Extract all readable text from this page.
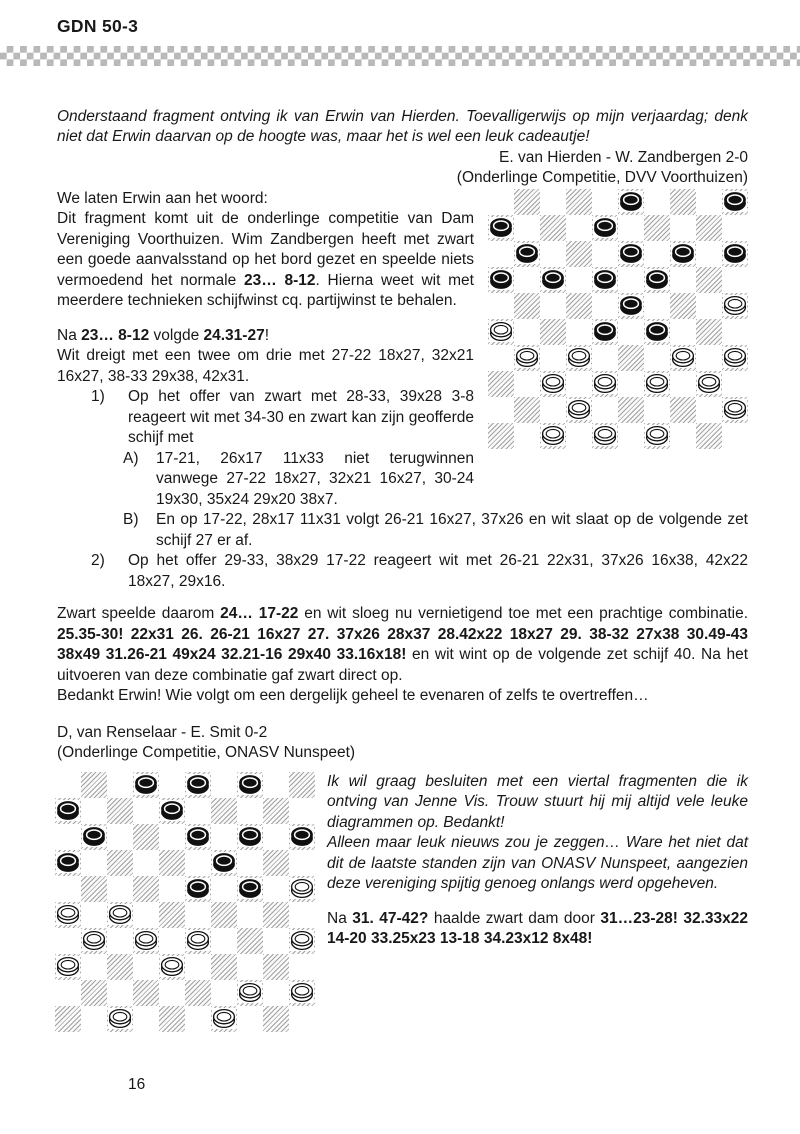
GDN 50-3

Onderstaand fragment ontving ik van Erwin van Hierden. Toevalligerwijs op mijn verjaardag; denk niet dat Erwin daarvan op de hoogte was, maar het is wel een leuk cadeautje!

E. van Hierden - W. Zandbergen 2-0
(Onderlinge Competitie, DVV Voorthuizen)

We laten Erwin aan het woord:

Dit fragment komt uit de onderlinge competitie van Dam Vereniging Voorthuizen. Wim Zandbergen heeft met zwart een goede aanvalsstand op het bord gezet en speelde niets vermoedend het normale 23… 8-12. Hierna weet wit met meerdere technieken schijfwinst cq. partijwinst te behalen.

Na 23… 8-12 volgde 24.31-27!

Wit dreigt met een twee om drie met 27-22 18x27, 32x21 16x27, 38-33 29x38, 42x31.

1)	Op het offer van zwart met 28-33, 39x28 3-8 reageert wit met 34-30 en zwart kan zijn geofferde schijf met
A)	17-21, 26x17 11x33 niet terugwinnen vanwege 27-22 18x27, 32x21 16x27, 30-24 19x30, 35x24 29x20 38x7.
B)	En op 17-22, 28x17 11x31 volgt 26-21 16x27, 37x26 en wit slaat op de volgende zet schijf 27 er af.
2)	Op het offer 29-33, 38x29 17-22 reageert wit met 26-21 22x31, 37x26 16x38, 42x22 18x27, 29x16.

Zwart speelde daarom 24… 17-22 en wit sloeg nu vernietigend toe met een prachtige combinatie. 25.35-30! 22x31 26. 26-21 16x27 27. 37x26 28x37 28.42x22 18x27 29. 38-32 27x38 30.49-43 38x49 31.26-21 49x24 32.21-16 29x40 33.16x18! en wit wint op de volgende zet schijf 40. Na het uitvoeren van deze combinatie gaf zwart direct op.

Bedankt Erwin! Wie volgt om een dergelijk geheel te evenaren of zelfs te overtreffen…

D, van Renselaar - E. Smit 0-2
(Onderlinge Competitie, ONASV Nunspeet)

Ik wil graag besluiten met een viertal fragmenten die ik ontving van Jenne Vis. Trouw stuurt hij mij altijd vele leuke diagrammen op. Bedankt!

Alleen maar leuk nieuws zou je zeggen… Ware het niet dat dit de laatste standen zijn van ONASV Nunspeet, aangezien deze vereniging spijtig genoeg onlangs werd opgeheven.

Na 31. 47-42? haalde zwart dam door 31…23-28! 32.33x22 14-20 33.25x23 13-18 34.23x12 8x48!

16
